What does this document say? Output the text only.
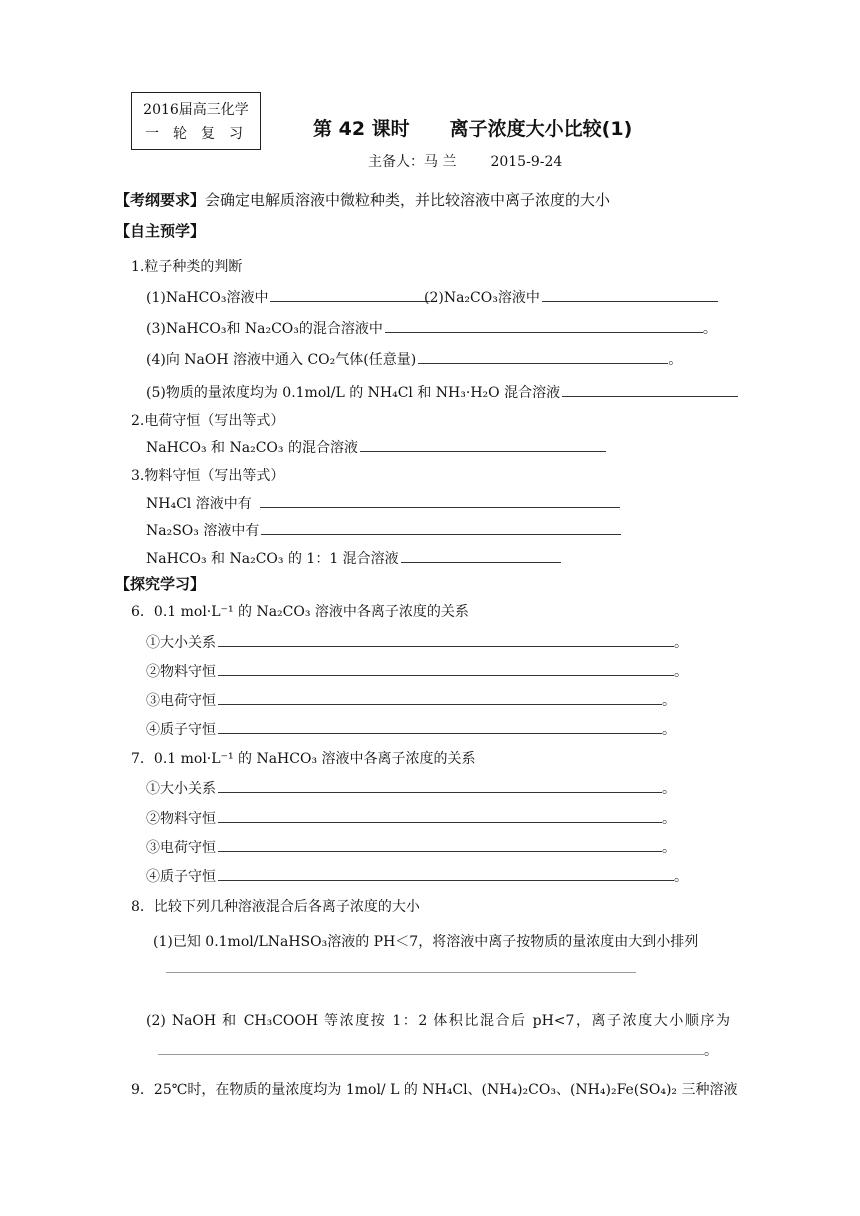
2016届高三化学
一轮复习	第 42 课时 离子浓度大小比较(1)
主备人：马 兰 2015-9-24
【考纲要求】会确定电解质溶液中微粒种类，并比较溶液中离子浓度的大小
【自主预学】
1.粒子种类的判断
(1)NaHCO₃溶液中	(2)Na₂CO₃溶液中
(3)NaHCO₃和 Na₂CO₃的混合溶液中	。
(4)向 NaOH 溶液中通入 CO₂气体(任意量)	。
(5)物质的量浓度均为 0.1mol/L 的 NH₄Cl 和 NH₃·H₂O 混合溶液
2.电荷守恒（写出等式）
NaHCO₃ 和 Na₂CO₃ 的混合溶液
3.物料守恒（写出等式）
NH₄Cl 溶液中有
Na₂SO₃ 溶液中有
NaHCO₃ 和 Na₂CO₃ 的 1：1 混合溶液
【探究学习】
6．0.1 mol·L⁻¹ 的 Na₂CO₃ 溶液中各离子浓度的关系
①大小关系	。
②物料守恒	。
③电荷守恒	。
④质子守恒	。
7．0.1 mol·L⁻¹ 的 NaHCO₃ 溶液中各离子浓度的关系
①大小关系	。
②物料守恒	。
③电荷守恒	。
④质子守恒	。
8．比较下列几种溶液混合后各离子浓度的大小
(1)已知 0.1mol/LNaHSO₃溶液的 PH＜7，将溶液中离子按物质的量浓度由大到小排列
(2) NaOH 和 CH₃COOH 等浓度按 1：2 体积比混合后 pH<7，离子浓度大小顺序为
。
9．25℃时，在物质的量浓度均为 1mol/ L 的 NH₄Cl、(NH₄)₂CO₃、(NH₄)₂Fe(SO₄)₂ 三种溶液
